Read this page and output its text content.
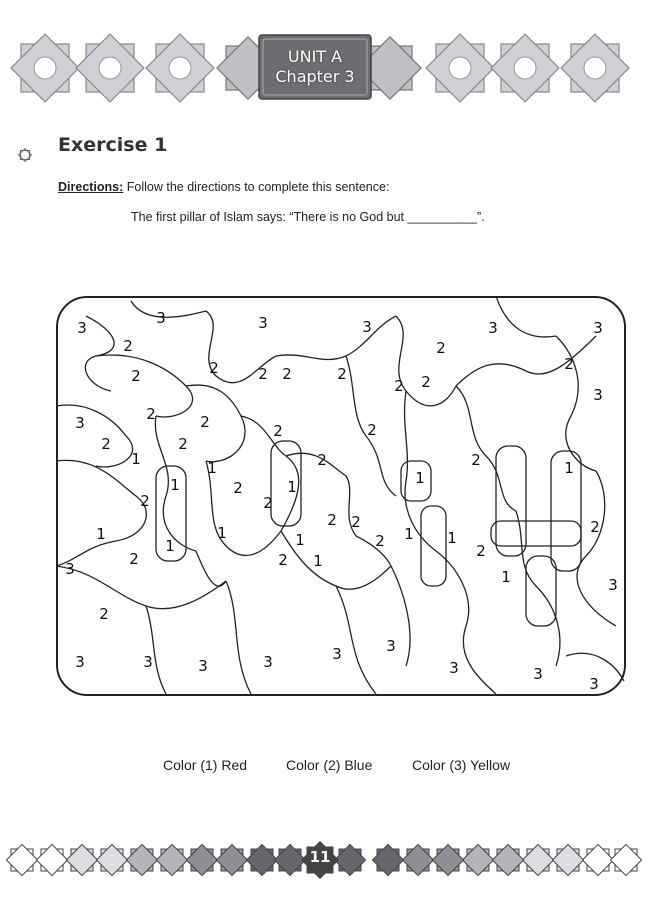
UNIT A
Chapter 3
Exercise 1
Directions: Follow the directions to complete this sentence:
The first pillar of Islam says: “There is no God but __________”.
3
3	3	3	3	3
2
2	2	2 2	2
2
2 2
2
3
2	2
1	1	1
3
2	2
1	2	1
2
2
1
2
2
1
1
2
1
2
2 2
1	1
2
3
2	2 1
1
2
1
2
3
2
3	3	3	3	3	3
3	3
3
Color (1) Red	Color (2) Blue	Color (3) Yellow
11
